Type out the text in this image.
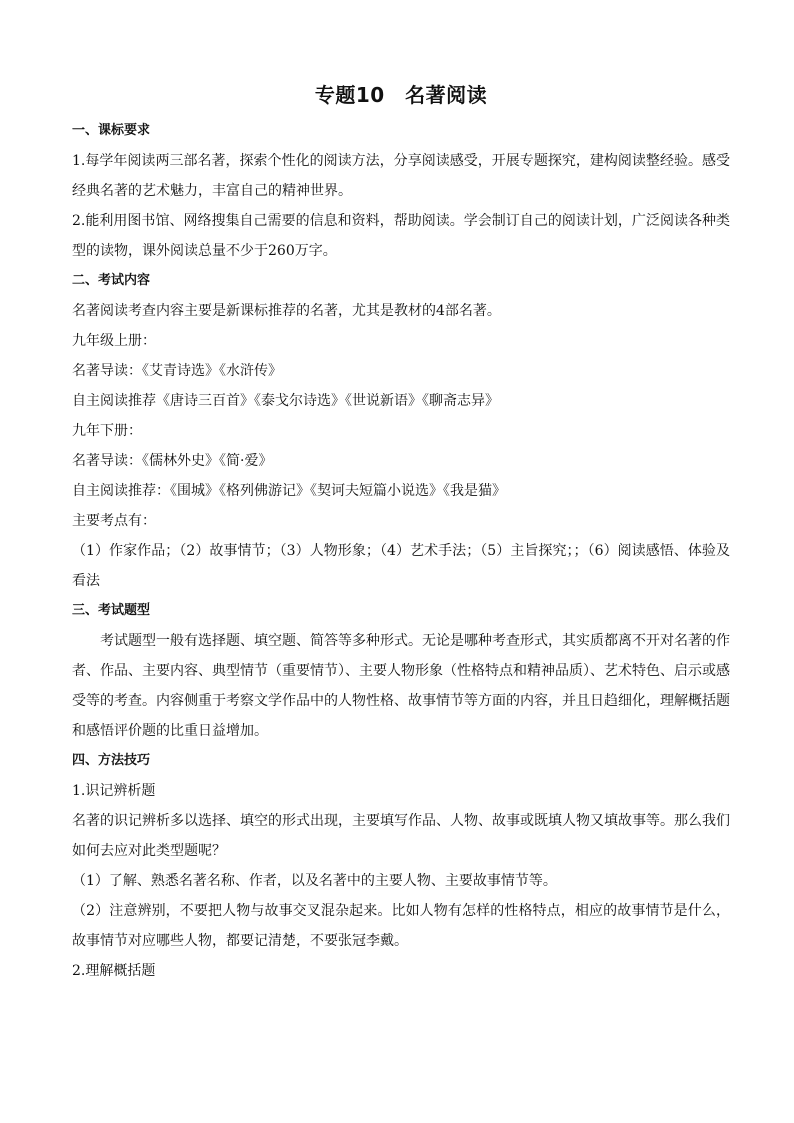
专题10　名著阅读
一、课标要求

1.每学年阅读两三部名著，探索个性化的阅读方法，分享阅读感受，开展专题探究，建构阅读整经验。感受经典名著的艺术魅力，丰富自己的精神世界。

2.能利用图书馆、网络搜集自己需要的信息和资料，帮助阅读。学会制订自己的阅读计划，广泛阅读各种类型的读物，课外阅读总量不少于260万字。

二、考试内容

名著阅读考查内容主要是新课标推荐的名著，尤其是教材的4部名著。

九年级上册：

名著导读：《艾青诗选》《水浒传》

自主阅读推荐《唐诗三百首》《泰戈尔诗选》《世说新语》《聊斋志异》

九年下册：

名著导读：《儒林外史》《简·爱》

自主阅读推荐：《围城》《格列佛游记》《契诃夫短篇小说选》《我是猫》

主要考点有：

（1）作家作品；（2）故事情节；（3）人物形象；（4）艺术手法；（5）主旨探究；；（6）阅读感悟、体验及看法

三、考试题型

考试题型一般有选择题、填空题、简答等多种形式。无论是哪种考查形式，其实质都离不开对名著的作者、作品、主要内容、典型情节（重要情节）、主要人物形象（性格特点和精神品质）、艺术特色、启示或感受等的考查。内容侧重于考察文学作品中的人物性格、故事情节等方面的内容，并且日趋细化，理解概括题和感悟评价题的比重日益增加。

四、方法技巧

1.识记辨析题

名著的识记辨析多以选择、填空的形式出现，主要填写作品、人物、故事或既填人物又填故事等。那么我们如何去应对此类型题呢？

（1）了解、熟悉名著名称、作者，以及名著中的主要人物、主要故事情节等。

（2）注意辨别，不要把人物与故事交叉混杂起来。比如人物有怎样的性格特点，相应的故事情节是什么，故事情节对应哪些人物，都要记清楚，不要张冠李戴。

2.理解概括题
